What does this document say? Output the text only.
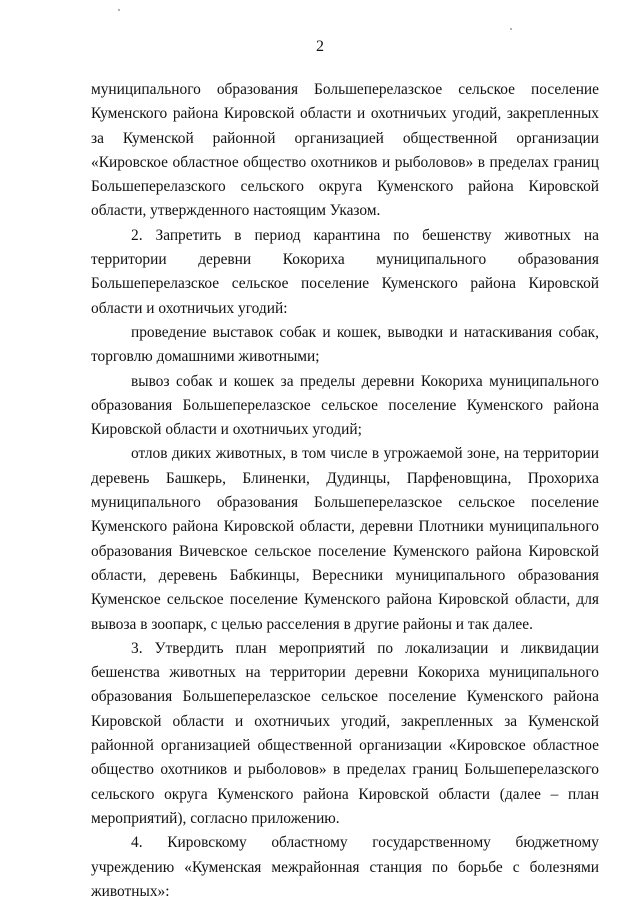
2

муниципального образования Большеперелазское сельское поселение Куменского района Кировской области и охотничьих угодий, закрепленных за Куменской районной организацией общественной организации «Кировское областное общество охотников и рыболовов» в пределах границ Большеперелазского сельского округа Куменского района Кировской области, утвержденного настоящим Указом.

2. Запретить в период карантина по бешенству животных на территории деревни Кокориха муниципального образования Большеперелазское сельское поселение Куменского района Кировской области и охотничьих угодий:

проведение выставок собак и кошек, выводки и натаскивания собак, торговлю домашними животными;

вывоз собак и кошек за пределы деревни Кокориха муниципального образования Большеперелазское сельское поселение Куменского района Кировской области и охотничьих угодий;

отлов диких животных, в том числе в угрожаемой зоне, на территории деревень Башкерь, Блиненки, Дудинцы, Парфеновщина, Прохориха муниципального образования Большеперелазское сельское поселение Куменского района Кировской области, деревни Плотники муниципального образования Вичевское сельское поселение Куменского района Кировской области, деревень Бабкинцы, Вересники муниципального образования Куменское сельское поселение Куменского района Кировской области, для вывоза в зоопарк, с целью расселения в другие районы и так далее.

3. Утвердить план мероприятий по локализации и ликвидации бешенства животных на территории деревни Кокориха муниципального образования Большеперелазское сельское поселение Куменского района Кировской области и охотничьих угодий, закрепленных за Куменской районной организацией общественной организации «Кировское областное общество охотников и рыболовов» в пределах границ Большеперелазского сельского округа Куменского района Кировской области (далее – план мероприятий), согласно приложению.

4. Кировскому областному государственному бюджетному учреждению «Куменская межрайонная станция по борьбе с болезнями животных»:
